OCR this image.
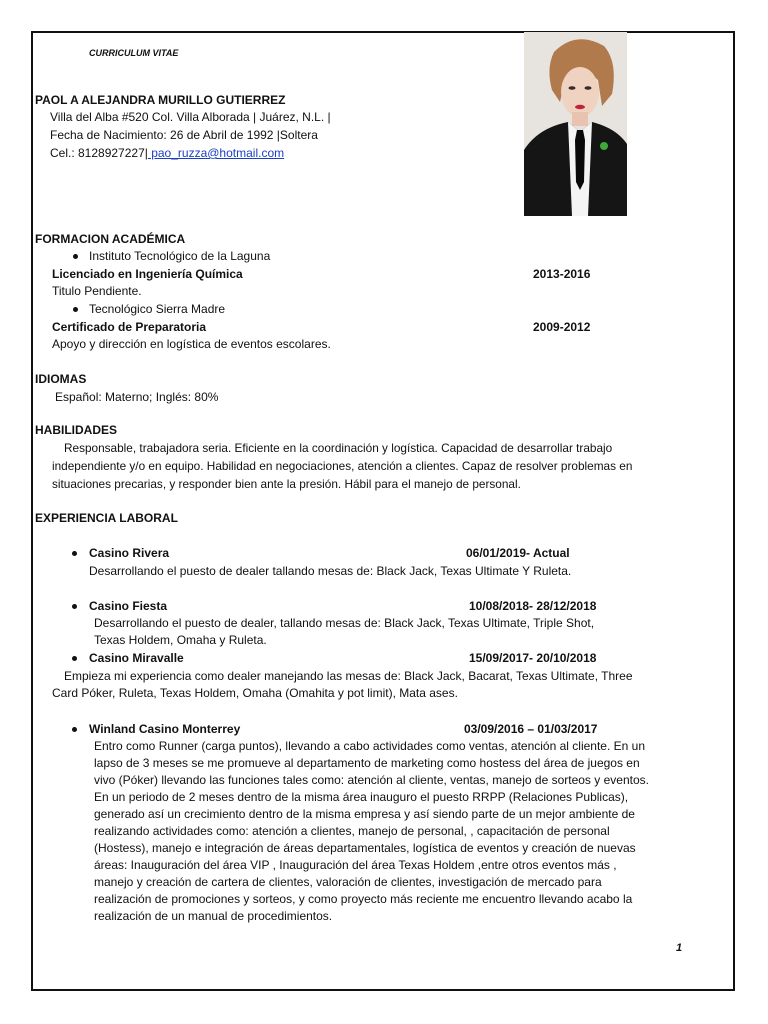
CURRICULUM VITAE
PAOL A ALEJANDRA MURILLO GUTIERREZ
Villa del Alba #520 Col. Villa Alborada | Juárez, N.L. |
Fecha de Nacimiento: 26 de Abril de 1992 |Soltera
Cel.: 8128927227| pao_ruzza@hotmail.com
FORMACION ACADÉMICA
Instituto Tecnológico de la Laguna
Licenciado en Ingeniería Química	2013-2016
Titulo Pendiente.
Tecnológico Sierra Madre
Certificado de Preparatoria	2009-2012
Apoyo y dirección en logística de eventos escolares.
IDIOMAS
Español: Materno; Inglés: 80%
HABILIDADES
Responsable, trabajadora seria. Eficiente en la coordinación y logística. Capacidad de desarrollar trabajo
independiente y/o en equipo. Habilidad en negociaciones, atención a clientes. Capaz de resolver problemas en
situaciones precarias, y responder bien ante la presión. Hábil para el manejo de personal.
EXPERIENCIA LABORAL
Casino Rivera	06/01/2019- Actual
Desarrollando el puesto de dealer tallando mesas de: Black Jack, Texas Ultimate Y Ruleta.
Casino Fiesta	10/08/2018- 28/12/2018
Desarrollando el puesto de dealer, tallando mesas de: Black Jack, Texas Ultimate, Triple Shot,
Texas Holdem, Omaha y Ruleta.
Casino Miravalle	15/09/2017- 20/10/2018
Empieza mi experiencia como dealer manejando las mesas de: Black Jack, Bacarat, Texas Ultimate, Three
Card Póker, Ruleta, Texas Holdem, Omaha (Omahita y pot limit), Mata ases.
Winland Casino Monterrey	03/09/2016 – 01/03/2017
Entro como Runner (carga puntos), llevando a cabo actividades como ventas, atención al cliente. En un
lapso de 3 meses se me promueve al departamento de marketing como hostess del área de juegos en
vivo (Póker) llevando las funciones tales como: atención al cliente, ventas, manejo de sorteos y eventos.
En un periodo de 2 meses dentro de la misma área inauguro el puesto RRPP (Relaciones Publicas),
generado así un crecimiento dentro de la misma empresa y así siendo parte de un mejor ambiente de
realizando actividades como: atención a clientes, manejo de personal, , capacitación de personal
(Hostess), manejo e integración de áreas departamentales, logística de eventos y creación de nuevas
áreas: Inauguración del área VIP , Inauguración del área Texas Holdem ,entre otros eventos más ,
manejo y creación de cartera de clientes, valoración de clientes, investigación de mercado para
realización de promociones y sorteos, y como proyecto más reciente me encuentro llevando acabo la
realización de un manual de procedimientos.
1
